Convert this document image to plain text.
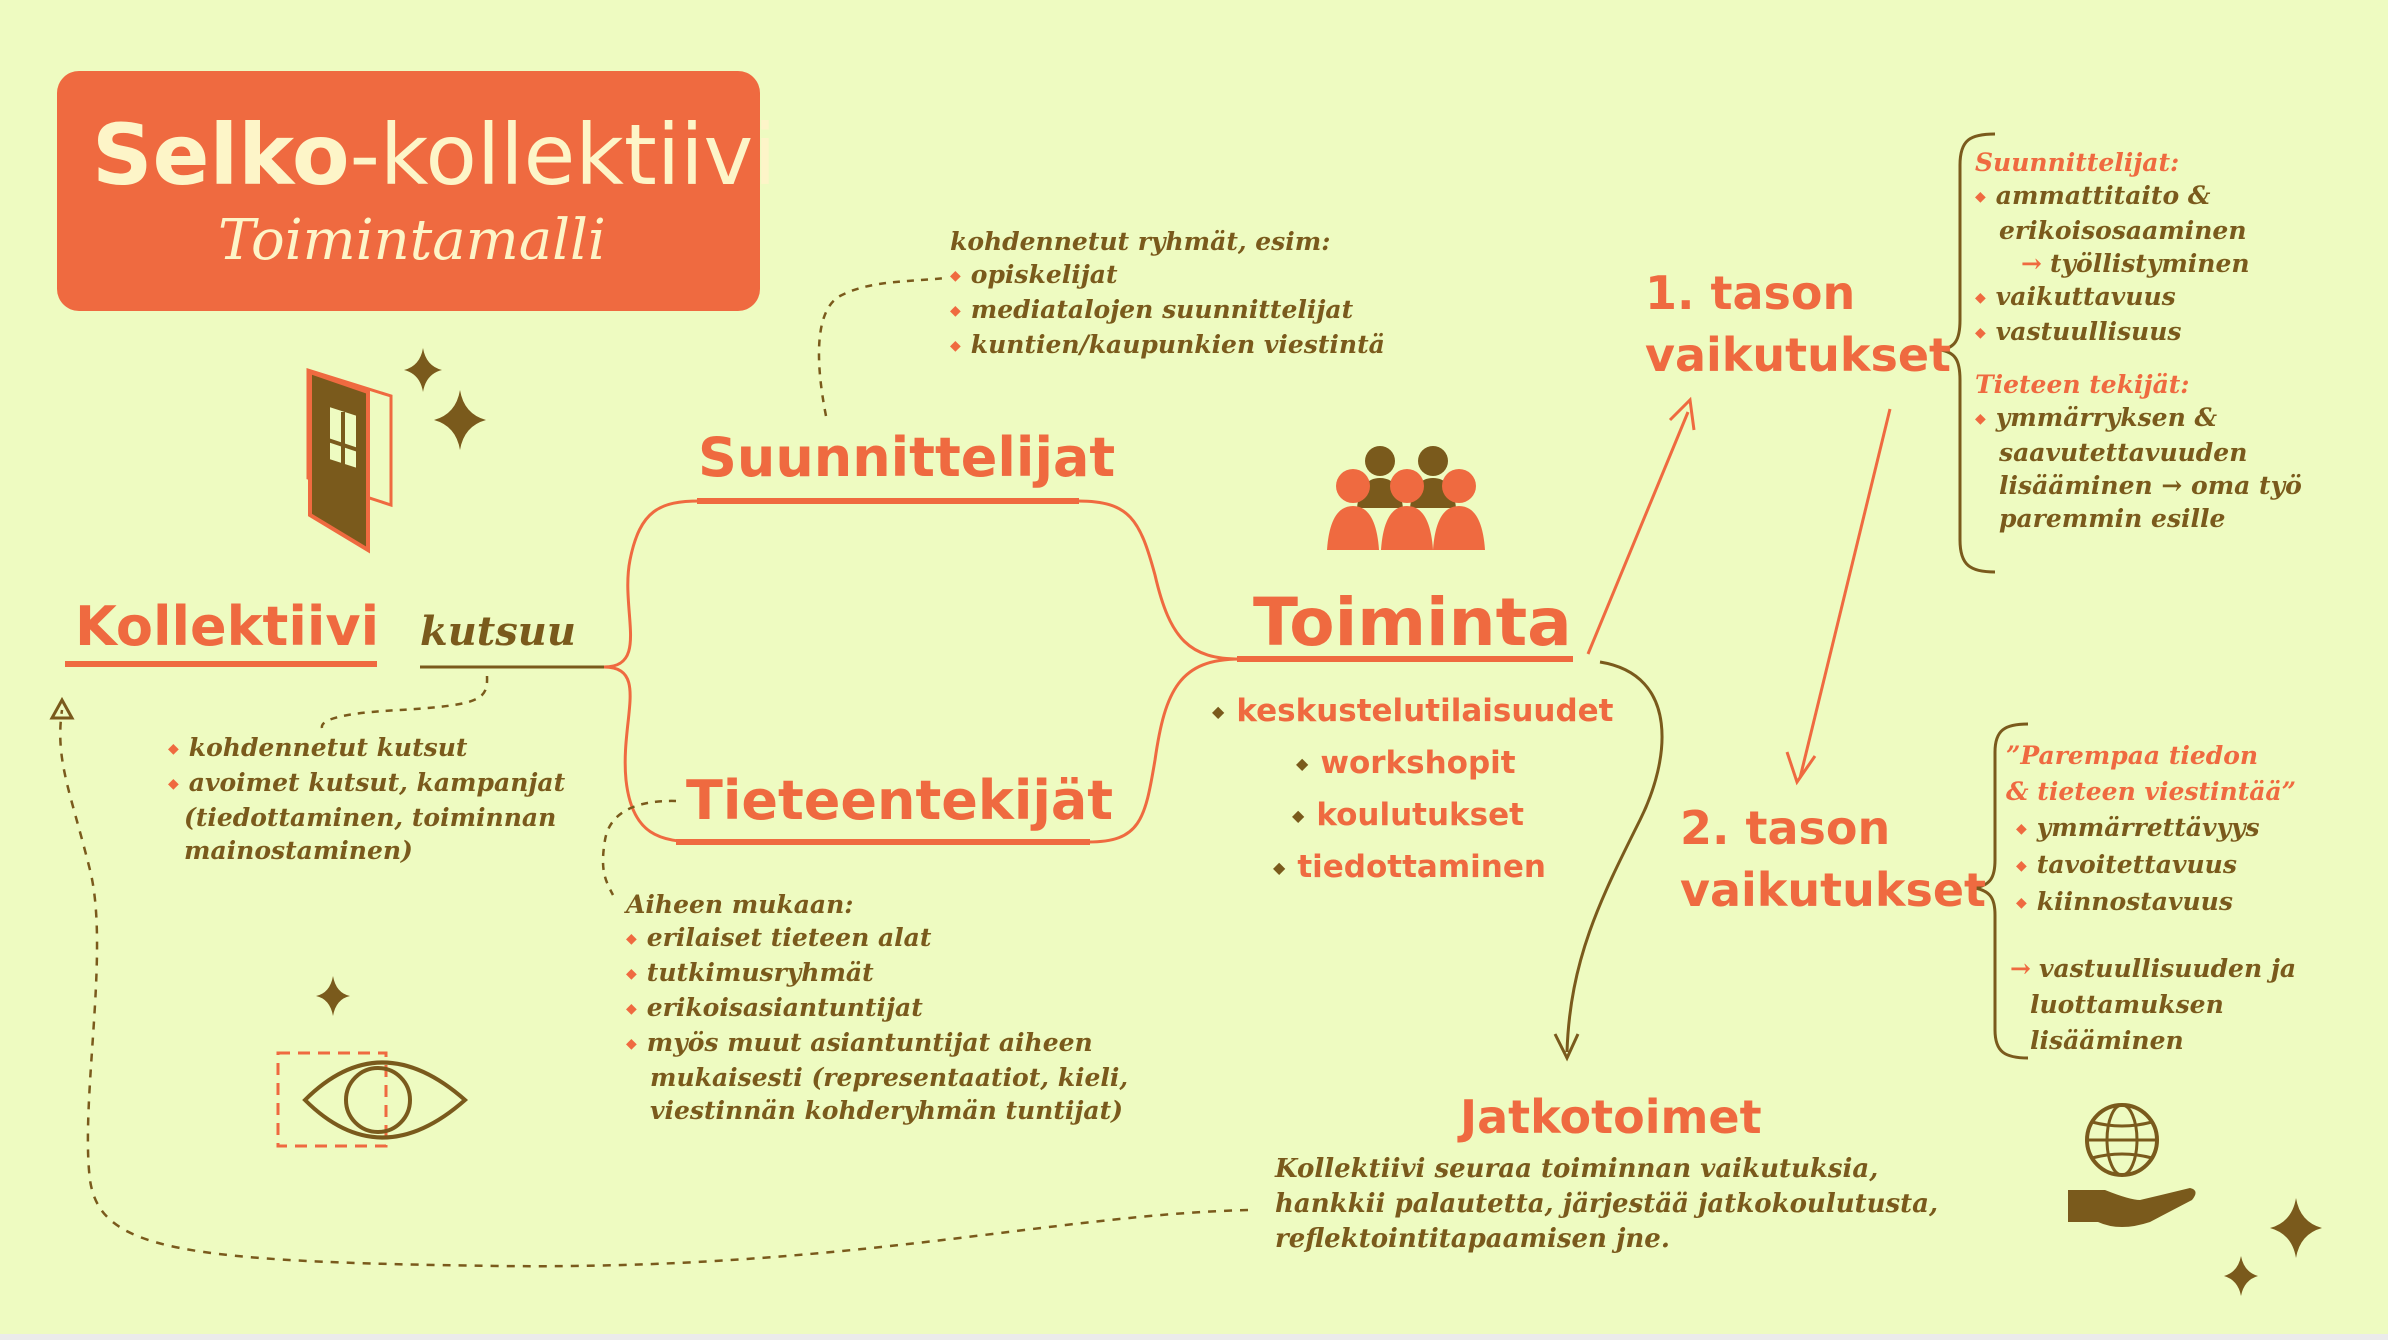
Selko-kollektiivi
Toimintamalli
Kollektiivi kutsuu
Suunnittelijat
Tieteentekijät
Toiminta
Jatkotoimet
1. tason
vaikutukset
2. tason
vaikutukset
◆ kohdennetut kutsut
◆ avoimet kutsut, kampanjat
(tiedottaminen, toiminnan
mainostaminen)
kohdennetut ryhmät, esim:
◆ opiskelijat
◆ mediatalojen suunnittelijat
◆ kuntien/kaupunkien viestintä
Aiheen mukaan:
◆ erilaiset tieteen alat
◆ tutkimusryhmät
◆ erikoisasiantuntijat
◆ myös muut asiantuntijat aiheen
mukaisesti (representaatiot, kieli,
viestinnän kohderyhmän tuntijat)
◆ keskustelutilaisuudet
◆ workshopit
◆ koulutukset
◆ tiedottaminen
Kollektiivi seuraa toiminnan vaikutuksia,
hankkii palautetta, järjestää jatkokoulutusta,
reflektointitapaamisen jne.
Suunnittelijat:
◆ ammattitaito &
erikoisosaaminen
→ työllistyminen
◆ vaikuttavuus
◆ vastuullisuus
Tieteen tekijät:
◆ ymmärryksen &
saavutettavuuden
lisääminen → oma työ
paremmin esille
”Parempaa tiedon
& tieteen viestintää”
◆ ymmärrettävyys
◆ tavoitettavuus
◆ kiinnostavuus
→ vastuullisuuden ja
luottamuksen
lisääminen
